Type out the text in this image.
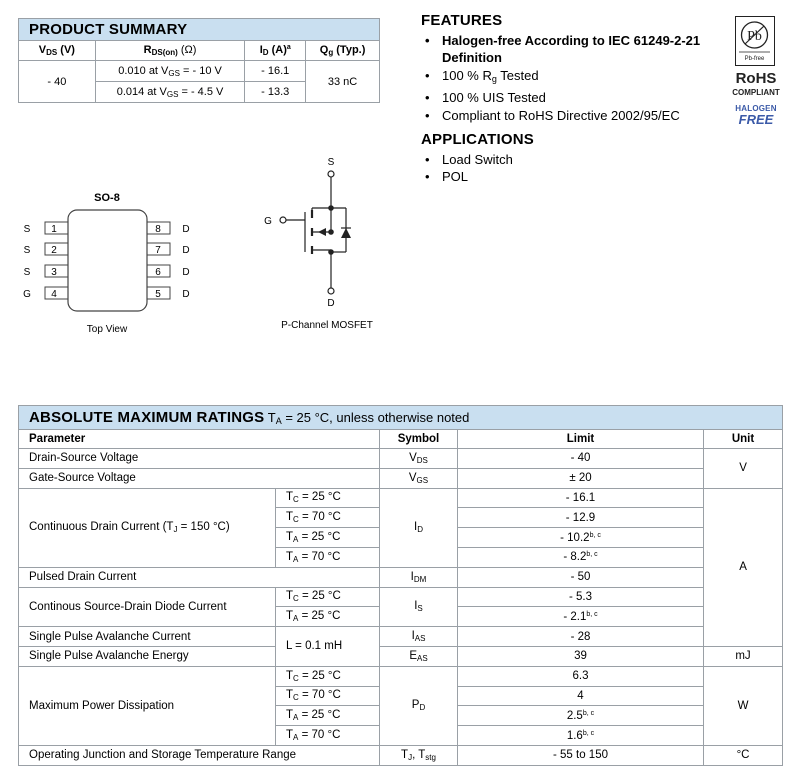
PRODUCT SUMMARY			
$V_{DS}$ (V)	$R_{DS(on)}$ (Ω)	$I_D$ $(A)^a$	$Q_g$ (Typ.)
- 40	0.010 at $V_{GS}$ = - 10 V	- 16.1	33 nC
	0.014 at $V_{GS}$ = - 4.5 V	- 13.3	
FEATURES
• Halogen-free According to IEC 61249-2-21 Definition
• 100 % Rg Tested
• 100 % UIS Tested
• Compliant to RoHS Directive 2002/95/EC
APPLICATIONS
• Load Switch
• POL
Pb
Pb-free
RoHS
COMPLIANT
HALOGEN
FREE
SO-8
1
2
3
4
S
S
S
G
8
7
6
5
D
D
D
D
Top View
S
G
D
P-Channel MOSFET
ABSOLUTE MAXIMUM RATINGS $T_A = 25$ °C, unless otherwise noted				
Parameter		Symbol	Limit	Unit
Drain-Source Voltage		$V_{DS}$	- 40	V
Gate-Source Voltage		$V_{GS}$	± 20	
Continuous Drain Current ($T_J = 150$ °C)	$T_C = 25$ °C	$I_D$	- 16.1	A
	$T_C = 70$ °C		- 12.9	
	$T_A = 25$ °C		- 10.2$^{b, c}$
	$T_A = 70$ °C		- 8.2$^{b, c}$
Pulsed Drain Current		$I_{DM}$	- 50	
Continous Source-Drain Diode Current	$T_C = 25$ °C	$I_S$	- 5.3	
	$T_A = 25$ °C		- 2.1$^{b, c}$
Single Pulse Avalanche Current	L = 0.1 mH	$I_{AS}$	- 28	
Single Pulse Avalanche Energy		$E_{AS}$	39	mJ
Maximum Power Dissipation	$T_C = 25$ °C	$P_D$	6.3	W
	$T_C = 70$ °C		4	
	$T_A = 25$ °C		2.5$^{b, c}$
	$T_A = 70$ °C		1.6$^{b, c}$
Operating Junction and Storage Temperature Range		$T_J$, $T_{stg}$	- 55 to 150	°C
